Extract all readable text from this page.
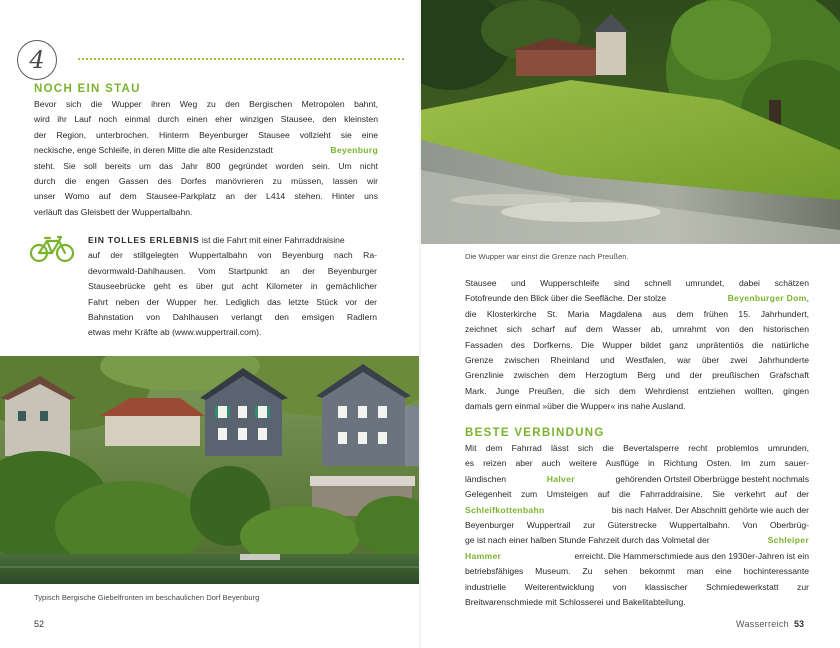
4
NOCH EIN STAU
Bevor sich die Wupper ihren Weg zu den Bergischen Metropolen bahnt,
wird ihr Lauf noch einmal durch einen eher winzigen Stausee, den kleinsten
der Region, unterbrochen. Hinterm Beyenburger Stausee vollzieht sie eine
neckische, enge Schleife, in deren Mitte die alte Residenzstadt	Beyenburg
steht. Sie soll bereits um das Jahr 800 gegründet worden sein. Um nicht
durch die engen Gassen des Dorfes manövrieren zu müssen, lassen wir
unser Womo auf dem Stausee-Parkplatz an der L414 stehen. Hinter uns
verläuft das Gleisbett der Wuppertalbahn.
EIN TOLLES ERLEBNIS ist die Fahrt mit einer Fahrraddraisine
auf der stillgelegten Wuppertalbahn von Beyenburg nach Ra-
devormwald-Dahlhausen. Vom Startpunkt an der Beyenburger
Stauseebrücke geht es über gut acht Kilometer in gemächlicher
Fahrt neben der Wupper her. Lediglich das letzte Stück vor der
Bahnstation von Dahlhausen verlangt den emsigen Radlern
etwas mehr Kräfte ab (www.wuppertrail.com).
Typisch Bergische Giebelfronten im beschaulichen Dorf Beyenburg
52
Die Wupper war einst die Grenze nach Preußen.
Stausee und Wupperschleife sind schnell umrundet, dabei schätzen
Fotofreunde den Blick über die Seefläche. Der stolze	Beyenburger Dom,
die Klosterkirche St. Maria Magdalena aus dem frühen 15. Jahrhundert,
zeichnet sich scharf auf dem Wasser ab, umrahmt von den historischen
Fassaden des Dorfkerns. Die Wupper bildet ganz unprätentiös die natürliche
Grenze zwischen Rheinland und Westfalen, war über zwei Jahrhunderte
Grenzlinie zwischen dem Herzogtum Berg und der preußischen Grafschaft
Mark. Junge Preußen, die sich dem Wehrdienst entziehen wollten, gingen
damals gern einmal »über die Wupper« ins nahe Ausland.
BESTE VERBINDUNG
Mit dem Fahrrad lässt sich die Bevertalsperre recht problemlos umrunden,
es reizen aber auch weitere Ausflüge in Richtung Osten. Im zum sauer-
ländischen	Halver	gehörenden Ortsteil Oberbrügge besteht nochmals
Gelegenheit zum Umsteigen auf die Fahrraddraisine. Sie verkehrt auf der
Schleifkottenbahn	bis nach Halver. Der Abschnitt gehörte wie auch der
Beyenburger Wuppertrail zur Güterstrecke Wuppertalbahn. Von Oberbrüg-
ge ist nach einer halben Stunde Fahrzeit durch das Volmetal der	Schleiper
Hammer	erreicht. Die Hammerschmiede aus den 1930er-Jahren ist ein
betriebsfähiges Museum. Zu sehen bekommt man eine hochinteressante
industrielle Weiterentwicklung von klassischer Schmiedewerkstatt zur
Breitwarenschmiede mit Schlosserei und Bakelitabteilung.
Wasserreich 53
